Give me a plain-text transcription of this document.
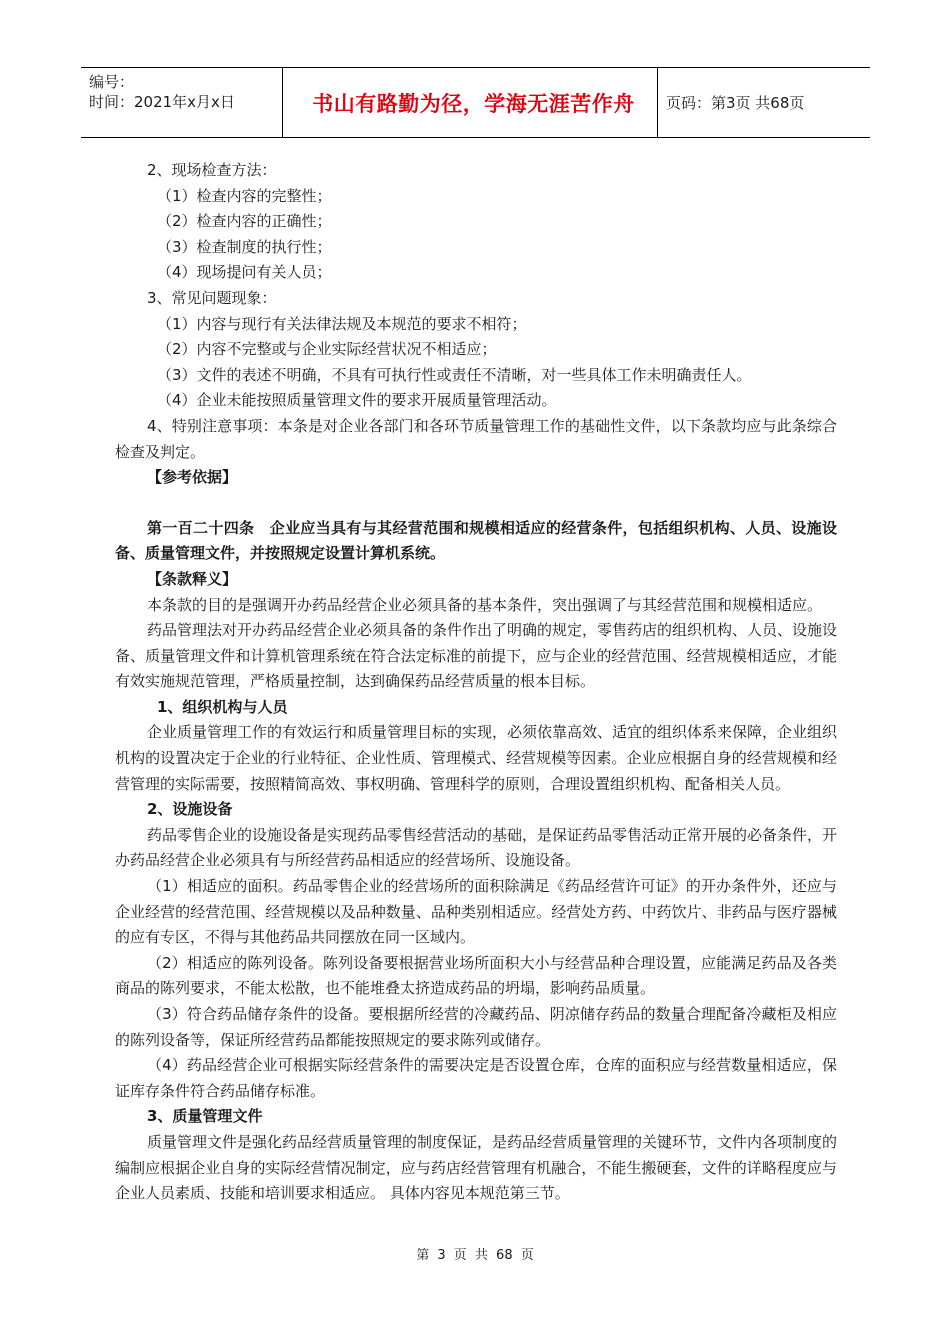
编号：
时间：2021年x月x日	书山有路勤为径，学海无涯苦作舟	页码：第3页 共68页

2、现场检查方法：

（1）检查内容的完整性；

（2）检查内容的正确性；

（3）检查制度的执行性；

（4）现场提问有关人员；

3、常见问题现象：

（1）内容与现行有关法律法规及本规范的要求不相符；

（2）内容不完整或与企业实际经营状况不相适应；

（3）文件的表述不明确，不具有可执行性或责任不清晰，对一些具体工作未明确责任人。

（4）企业未能按照质量管理文件的要求开展质量管理活动。

4、特别注意事项：本条是对企业各部门和各环节质量管理工作的基础性文件，以下条款均应与此条综合检查及判定。

【参考依据】

第一百二十四条　企业应当具有与其经营范围和规模相适应的经营条件，包括组织机构、人员、设施设备、质量管理文件，并按照规定设置计算机系统。

【条款释义】

本条款的目的是强调开办药品经营企业必须具备的基本条件，突出强调了与其经营范围和规模相适应。

药品管理法对开办药品经营企业必须具备的条件作出了明确的规定，零售药店的组织机构、人员、设施设备、质量管理文件和计算机管理系统在符合法定标准的前提下，应与企业的经营范围、经营规模相适应，才能有效实施规范管理，严格质量控制，达到确保药品经营质量的根本目标。

1、组织机构与人员

企业质量管理工作的有效运行和质量管理目标的实现，必须依靠高效、适宜的组织体系来保障，企业组织机构的设置决定于企业的行业特征、企业性质、管理模式、经营规模等因素。企业应根据自身的经营规模和经营管理的实际需要，按照精简高效、事权明确、管理科学的原则，合理设置组织机构、配备相关人员。

2、设施设备

药品零售企业的设施设备是实现药品零售经营活动的基础，是保证药品零售活动正常开展的必备条件，开办药品经营企业必须具有与所经营药品相适应的经营场所、设施设备。

（1）相适应的面积。药品零售企业的经营场所的面积除满足《药品经营许可证》的开办条件外，还应与企业经营的经营范围、经营规模以及品种数量、品种类别相适应。经营处方药、中药饮片、非药品与医疗器械的应有专区，不得与其他药品共同摆放在同一区域内。

（2）相适应的陈列设备。陈列设备要根据营业场所面积大小与经营品种合理设置，应能满足药品及各类商品的陈列要求，不能太松散，也不能堆叠太挤造成药品的坍塌，影响药品质量。

（3）符合药品储存条件的设备。要根据所经营的冷藏药品、阴凉储存药品的数量合理配备冷藏柜及相应的陈列设备等，保证所经营药品都能按照规定的要求陈列或储存。

（4）药品经营企业可根据实际经营条件的需要决定是否设置仓库，仓库的面积应与经营数量相适应，保证库存条件符合药品储存标准。

3、质量管理文件

质量管理文件是强化药品经营质量管理的制度保证，是药品经营质量管理的关键环节，文件内各项制度的编制应根据企业自身的实际经营情况制定，应与药店经营管理有机融合，不能生搬硬套，文件的详略程度应与企业人员素质、技能和培训要求相适应。 具体内容见本规范第三节。

第 3 页 共 68 页
